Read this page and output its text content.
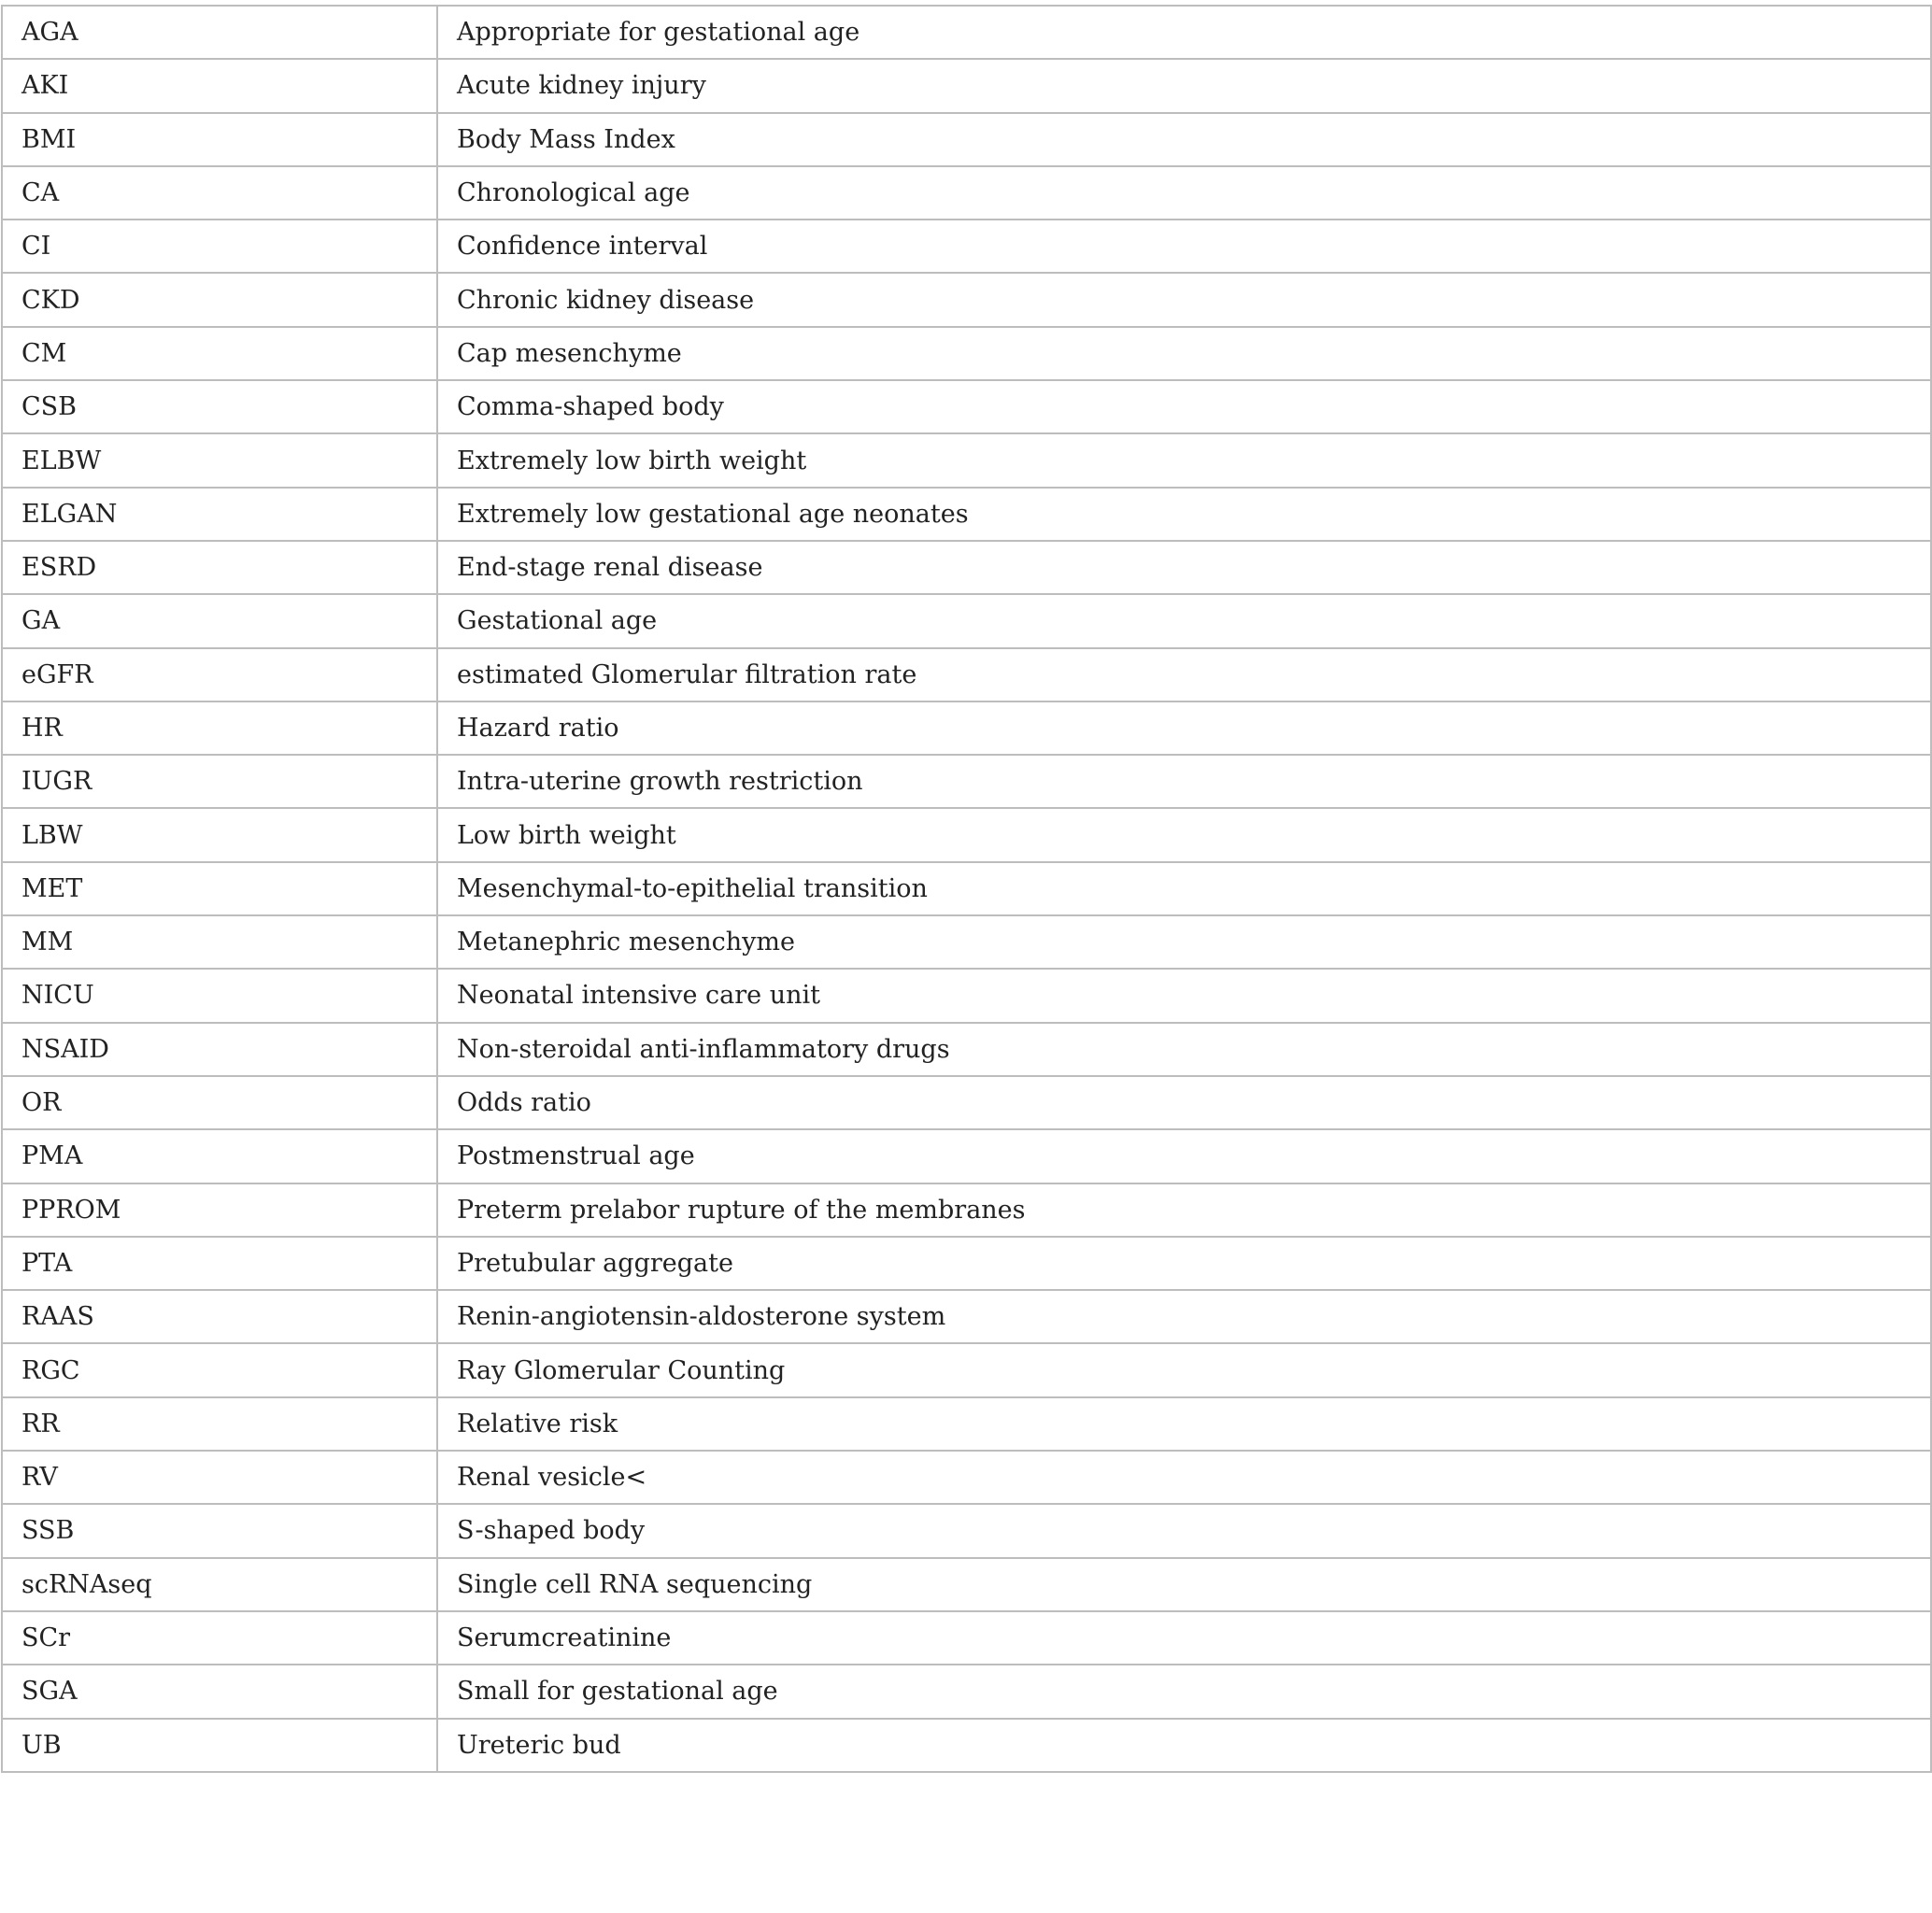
AGA	Appropriate for gestational age
AKI	Acute kidney injury
BMI	Body Mass Index
CA	Chronological age
CI	Confidence interval
CKD	Chronic kidney disease
CM	Cap mesenchyme
CSB	Comma-shaped body
ELBW	Extremely low birth weight
ELGAN	Extremely low gestational age neonates
ESRD	End-stage renal disease
GA	Gestational age
eGFR	estimated Glomerular filtration rate
HR	Hazard ratio
IUGR	Intra-uterine growth restriction
LBW	Low birth weight
MET	Mesenchymal-to-epithelial transition
MM	Metanephric mesenchyme
NICU	Neonatal intensive care unit
NSAID	Non-steroidal anti-inflammatory drugs
OR	Odds ratio
PMA	Postmenstrual age
PPROM	Preterm prelabor rupture of the membranes
PTA	Pretubular aggregate
RAAS	Renin-angiotensin-aldosterone system
RGC	Ray Glomerular Counting
RR	Relative risk
RV	Renal vesicle<
SSB	S-shaped body
scRNAseq	Single cell RNA sequencing
SCr	Serumcreatinine
SGA	Small for gestational age
UB	Ureteric bud
